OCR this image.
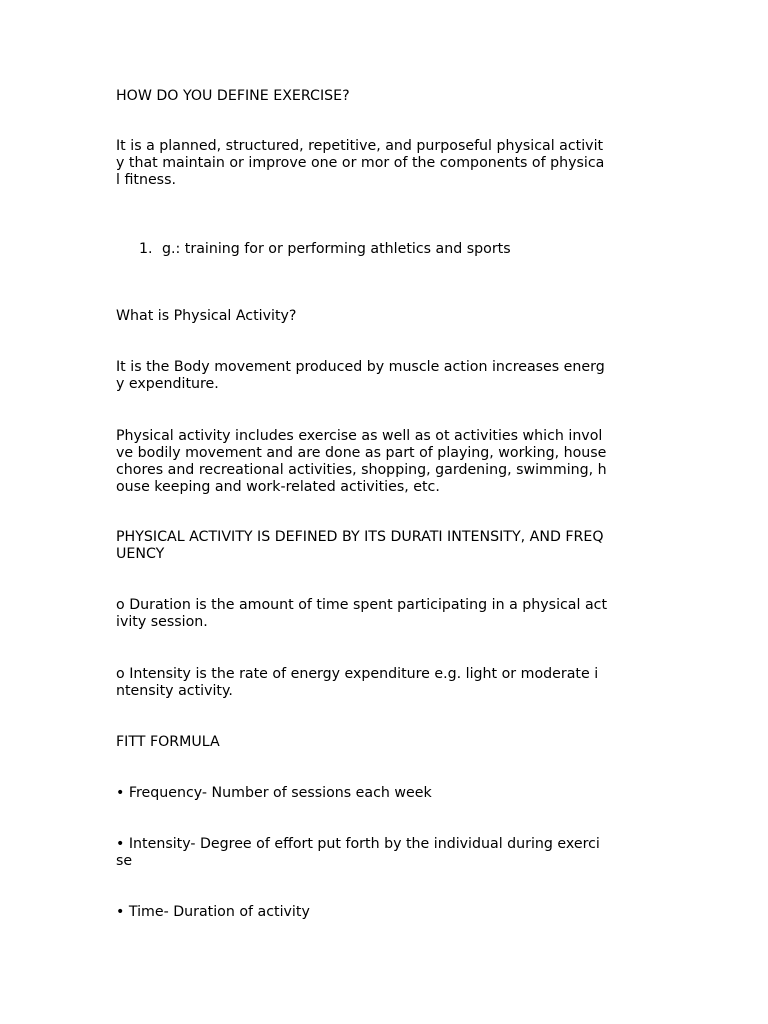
HOW DO YOU DEFINE EXERCISE?

It is a planned, structured, repetitive, and purposeful physical activit
y that maintain or improve one or mor of the components of physica
l fitness.

1. g.: training for or performing athletics and sports

What is Physical Activity?

It is the Body movement produced by muscle action increases energ
y expenditure.

Physical activity includes exercise as well as ot activities which invol
ve bodily movement and are done as part of playing, working, house
chores and recreational activities, shopping, gardening, swimming, h
ouse keeping and work-related activities, etc.

PHYSICAL ACTIVITY IS DEFINED BY ITS DURATI INTENSITY, AND FREQ
UENCY

o Duration is the amount of time spent participating in a physical act
ivity session.

o Intensity is the rate of energy expenditure e.g. light or moderate i
ntensity activity.

FITT FORMULA

• Frequency- Number of sessions each week

• Intensity- Degree of effort put forth by the individual during exerci
se

• Time- Duration of activity
